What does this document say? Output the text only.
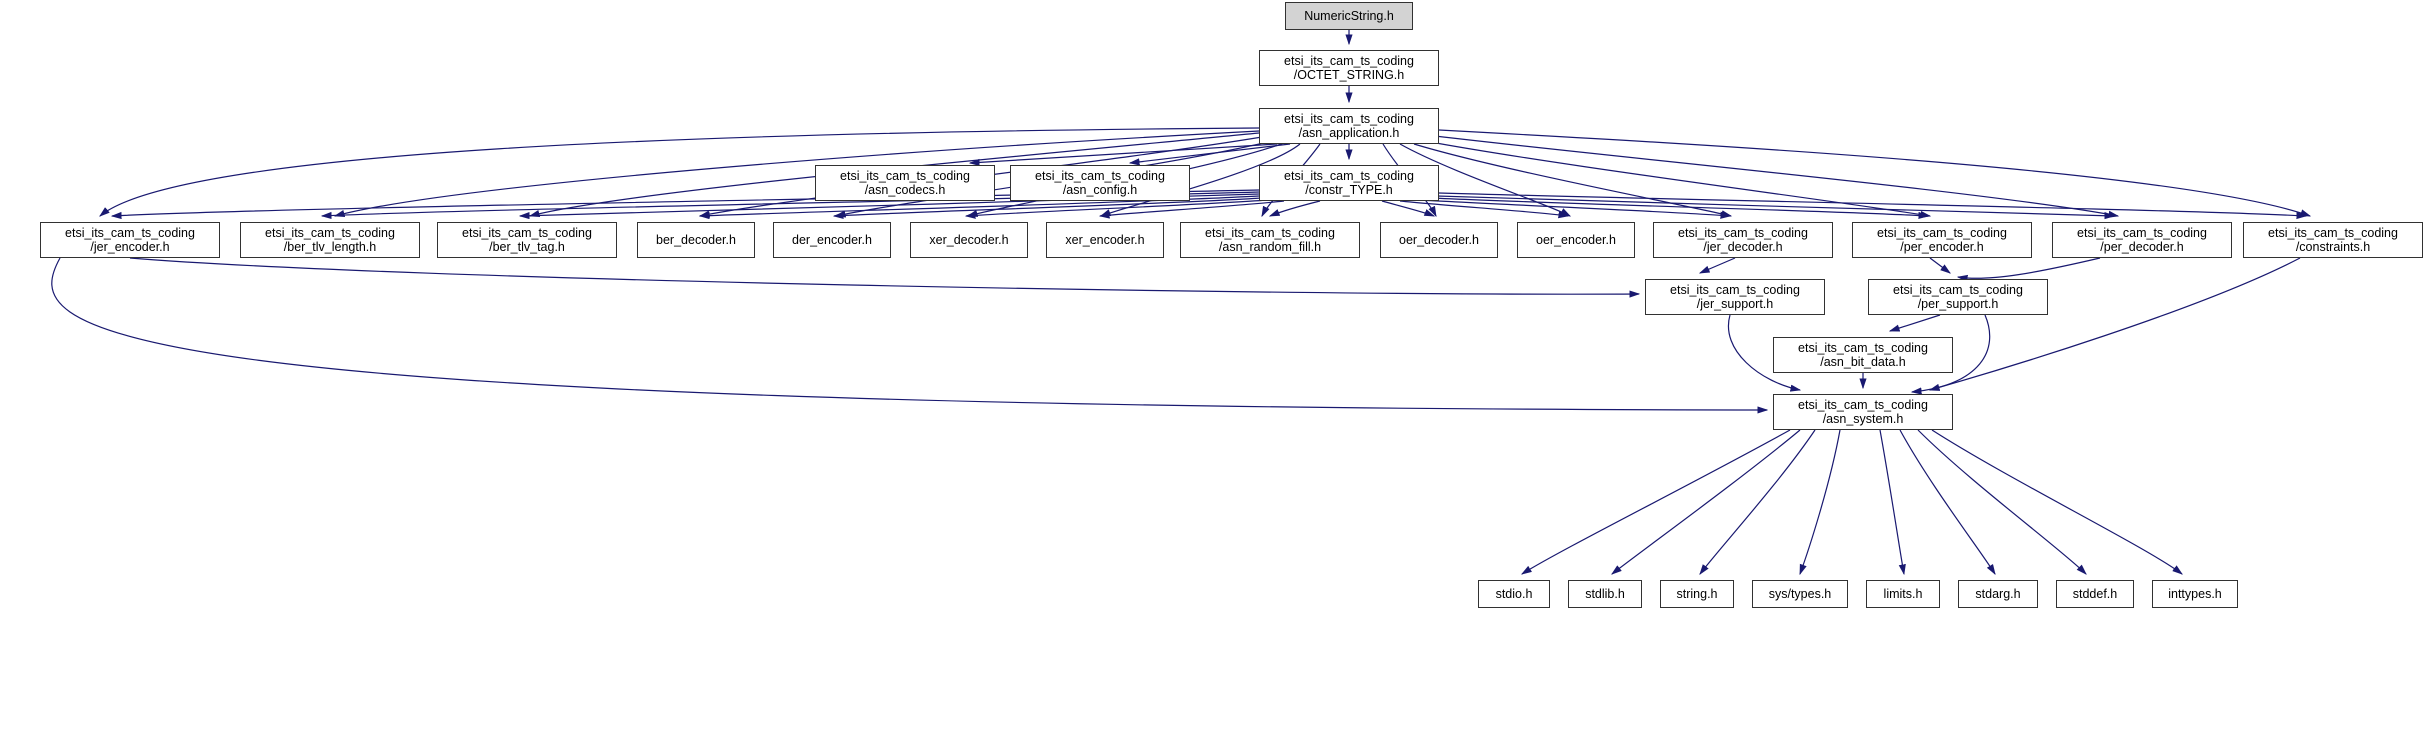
NumericString.h
etsi_its_cam_ts_coding
/OCTET_STRING.h
etsi_its_cam_ts_coding
/asn_application.h
etsi_its_cam_ts_coding
/asn_codecs.h
etsi_its_cam_ts_coding
/asn_config.h
etsi_its_cam_ts_coding
/constr_TYPE.h
etsi_its_cam_ts_coding
/jer_encoder.h
etsi_its_cam_ts_coding
/ber_tlv_length.h
etsi_its_cam_ts_coding
/ber_tlv_tag.h	ber_decoder.h	der_encoder.h	xer_decoder.h	xer_encoder.h	etsi_its_cam_ts_coding
/asn_random_fill.h	oer_decoder.h	oer_encoder.h	etsi_its_cam_ts_coding
/jer_decoder.h
etsi_its_cam_ts_coding
/per_encoder.h
etsi_its_cam_ts_coding
/per_decoder.h
etsi_its_cam_ts_coding
/constraints.h
etsi_its_cam_ts_coding
/jer_support.h
etsi_its_cam_ts_coding
/per_support.h
etsi_its_cam_ts_coding
/asn_bit_data.h
etsi_its_cam_ts_coding
/asn_system.h
stdio.h	stdlib.h	string.h	sys/types.h	limits.h	stdarg.h	stddef.h	inttypes.h
